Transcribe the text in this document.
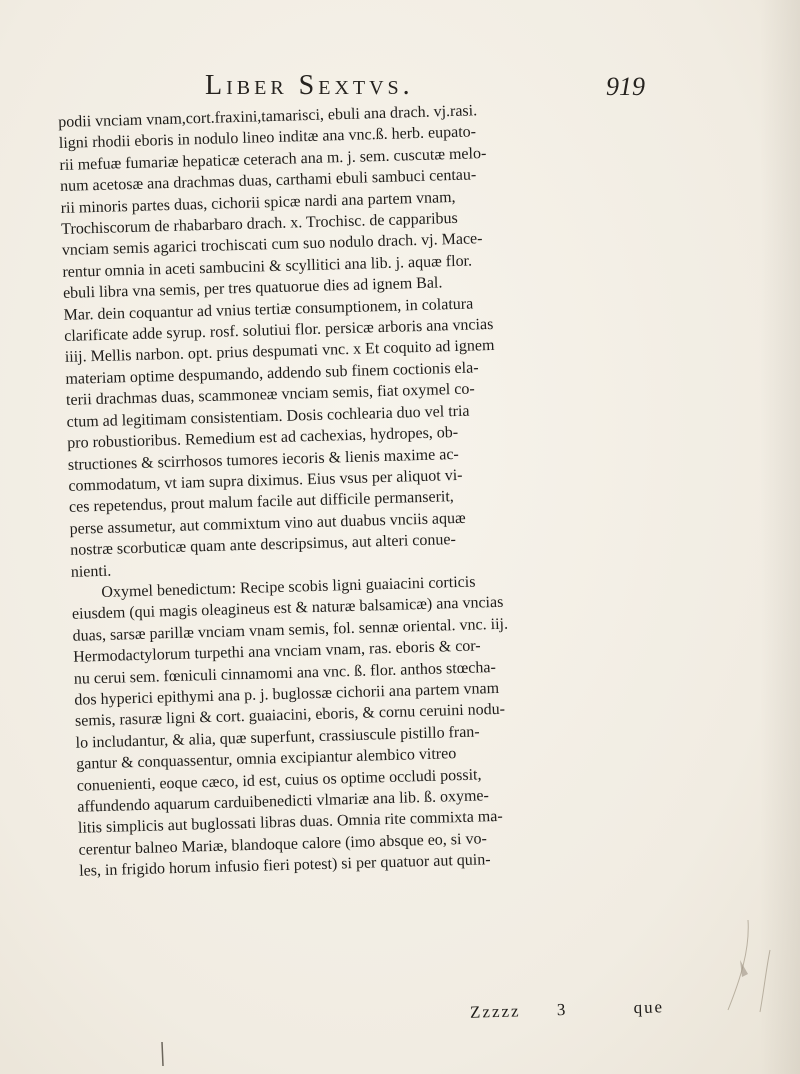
Liber Sextvs.	919
podii vnciam vnam,cort.fraxini,tamarisci, ebuli ana drach. vj.rasi.
ligni rhodii eboris in nodulo lineo inditæ ana vnc.ß. herb. eupato-
rii mefuæ fumariæ hepaticæ ceterach ana m. j. sem. cuscutæ melo-
num acetosæ ana drachmas duas, carthami ebuli sambuci centau-
rii minoris partes duas, cichorii spicæ nardi ana partem vnam,
Trochiscorum de rhabarbaro drach. x. Trochisc. de capparibus
vnciam semis agarici trochiscati cum suo nodulo drach. vj. Mace-
rentur omnia in aceti sambucini & scyllitici ana lib. j. aquæ flor.
ebuli libra vna semis, per tres quatuorue dies ad ignem Bal.
Mar. dein coquantur ad vnius tertiæ consumptionem, in colatura
clarificate adde syrup. rosf. solutiui flor. persicæ arboris ana vncias
iiij. Mellis narbon. opt. prius despumati vnc. x Et coquito ad ignem
materiam optime despumando, addendo sub finem coctionis ela-
terii drachmas duas, scammoneæ vnciam semis, fiat oxymel co-
ctum ad legitimam consistentiam. Dosis cochlearia duo vel tria
pro robustioribus. Remedium est ad cachexias, hydropes, ob-
structiones & scirrhosos tumores iecoris & lienis maxime ac-
commodatum, vt iam supra diximus. Eius vsus per aliquot vi-
ces repetendus, prout malum facile aut difficile permanserit,
perse assumetur, aut commixtum vino aut duabus vnciis aquæ
nostræ scorbuticæ quam ante descripsimus, aut alteri conue-
nienti.
Oxymel benedictum: Recipe scobis ligni guaiacini corticis
eiusdem (qui magis oleagineus est & naturæ balsamicæ) ana vncias
duas, sarsæ parillæ vnciam vnam semis, fol. sennæ oriental. vnc. iij.
Hermodactylorum turpethi ana vnciam vnam, ras. eboris & cor-
nu cerui sem. fœniculi cinnamomi ana vnc. ß. flor. anthos stœcha-
dos hyperici epithymi ana p. j. buglossæ cichorii ana partem vnam
semis, rasuræ ligni & cort. guaiacini, eboris, & cornu ceruini nodu-
lo includantur, & alia, quæ superfunt, crassiuscule pistillo fran-
gantur & conquassentur, omnia excipiantur alembico vitreo
conuenienti, eoque cæco, id est, cuius os optime occludi possit,
affundendo aquarum carduibenedicti vlmariæ ana lib. ß. oxyme-
litis simplicis aut buglossati libras duas. Omnia rite commixta ma-
cerentur balneo Mariæ, blandoque calore (imo absque eo, si vo-
les, in frigido horum infusio fieri potest) si per quatuor aut quin-
Zzzzz 3	que
